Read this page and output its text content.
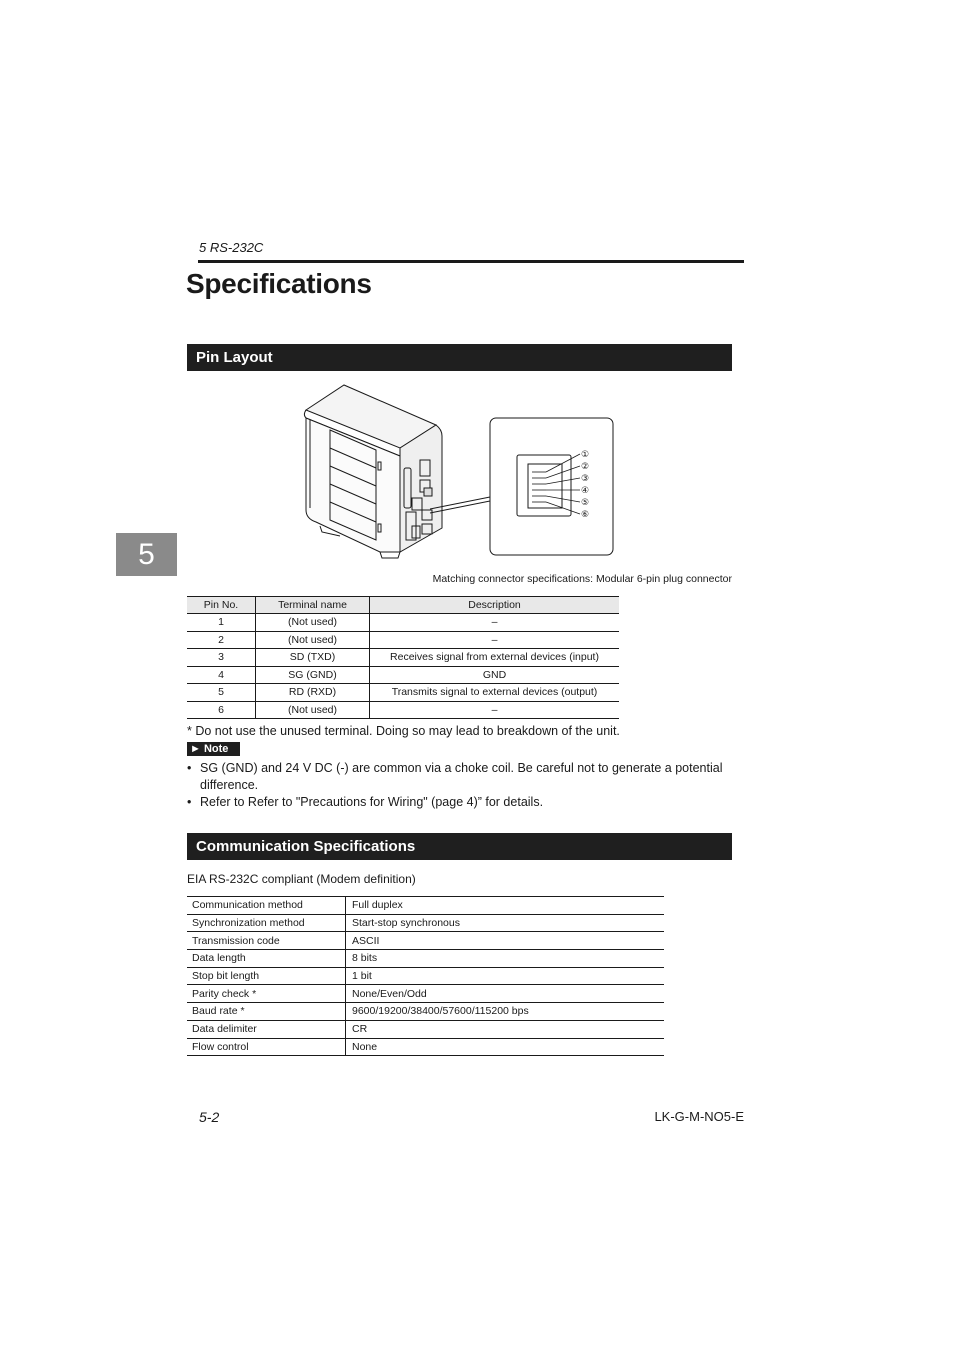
5 RS-232C
Specifications
5
Pin Layout
①
②
③
④
⑤
⑥
Matching connector specifications: Modular 6-pin plug connector
Pin No.	Terminal name	Description
1	(Not used)	–
2	(Not used)	–
3	SD (TXD)	Receives signal from external devices (input)
4	SG (GND)	GND
5	RD (RXD)	Transmits signal to external devices (output)
6	(Not used)	–
* Do not use the unused terminal. Doing so may lead to breakdown of the unit.
► Note
• SG (GND) and 24 V DC (-) are common via a choke coil. Be careful not to generate a potential difference.
• Refer to Refer to "Precautions for Wiring" (page 4)” for details.
Communication Specifications
EIA RS-232C compliant (Modem definition)
Communication method	Full duplex
Synchronization method	Start-stop synchronous
Transmission code	ASCII
Data length	8 bits
Stop bit length	1 bit
Parity check *	None/Even/Odd
Baud rate *	9600/19200/38400/57600/115200 bps
Data delimiter	CR
Flow control	None
5-2	LK-G-M-NO5-E
